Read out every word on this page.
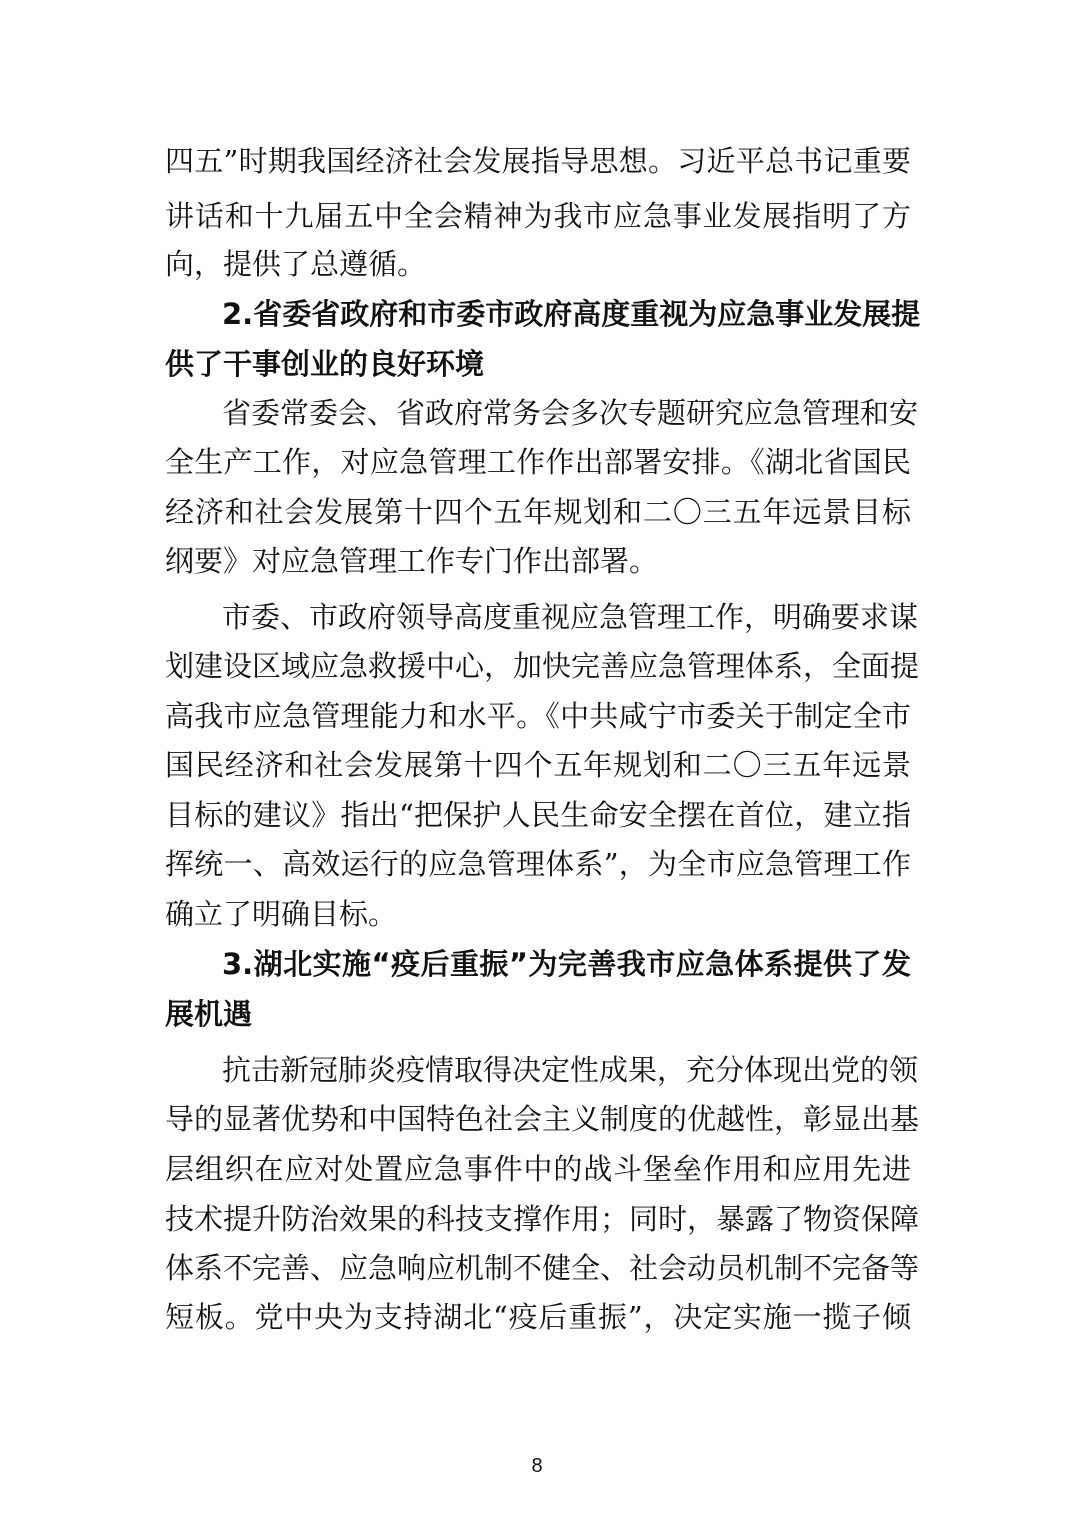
四五”时期我国经济社会发展指导思想。习近平总书记重要
讲话和十九届五中全会精神为我市应急事业发展指明了方
向，提供了总遵循。
2.省委省政府和市委市政府高度重视为应急事业发展提
供了干事创业的良好环境
省委常委会、省政府常务会多次专题研究应急管理和安
全生产工作，对应急管理工作作出部署安排。《湖北省国民
经济和社会发展第十四个五年规划和二〇三五年远景目标
纲要》对应急管理工作专门作出部署。
市委、市政府领导高度重视应急管理工作，明确要求谋
划建设区域应急救援中心，加快完善应急管理体系，全面提
高我市应急管理能力和水平。《中共咸宁市委关于制定全市
国民经济和社会发展第十四个五年规划和二〇三五年远景
目标的建议》指出“把保护人民生命安全摆在首位，建立指
挥统一、高效运行的应急管理体系”，为全市应急管理工作
确立了明确目标。
3.湖北实施“疫后重振”为完善我市应急体系提供了发
展机遇
抗击新冠肺炎疫情取得决定性成果，充分体现出党的领
导的显著优势和中国特色社会主义制度的优越性，彰显出基
层组织在应对处置应急事件中的战斗堡垒作用和应用先进
技术提升防治效果的科技支撑作用；同时，暴露了物资保障
体系不完善、应急响应机制不健全、社会动员机制不完备等
短板。党中央为支持湖北“疫后重振”，决定实施一揽子倾
8
